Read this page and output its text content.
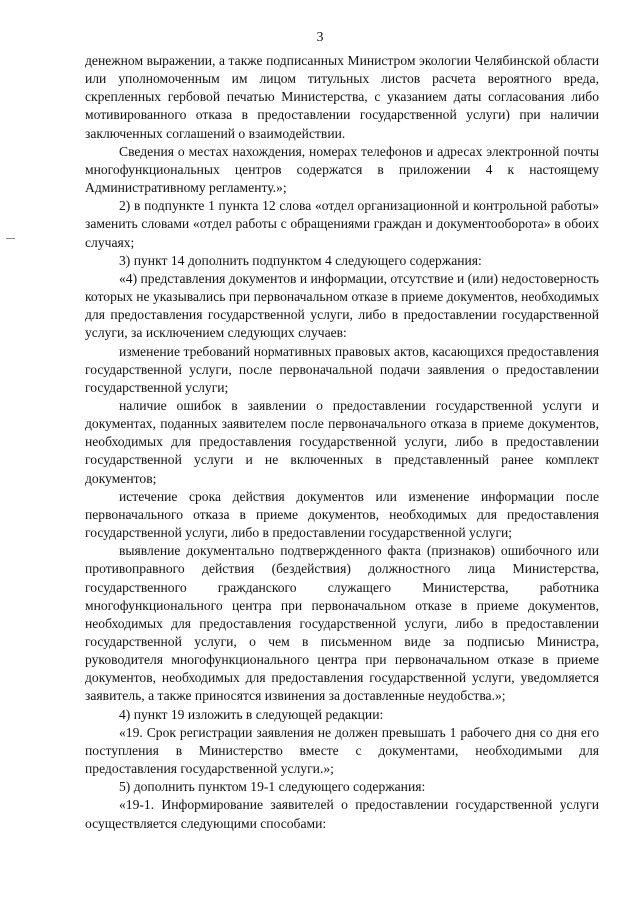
3

денежном выражении, а также подписанных Министром экологии Челябинской области или уполномоченным им лицом титульных листов расчета вероятного вреда, скрепленных гербовой печатью Министерства, с указанием даты согласования либо мотивированного отказа в предоставлении государственной услуги) при наличии заключенных соглашений о взаимодействии.

Сведения о местах нахождения, номерах телефонов и адресах электронной почты многофункциональных центров содержатся в приложении 4 к настоящему Административному регламенту.»;

2) в подпункте 1 пункта 12 слова «отдел организационной и контрольной работы» заменить словами «отдел работы с обращениями граждан и документооборота» в обоих случаях;

3) пункт 14 дополнить подпунктом 4 следующего содержания:

«4) представления документов и информации, отсутствие и (или) недостоверность которых не указывались при первоначальном отказе в приеме документов, необходимых для предоставления государственной услуги, либо в предоставлении государственной услуги, за исключением следующих случаев:

изменение требований нормативных правовых актов, касающихся предоставления государственной услуги, после первоначальной подачи заявления о предоставлении государственной услуги;

наличие ошибок в заявлении о предоставлении государственной услуги и документах, поданных заявителем после первоначального отказа в приеме документов, необходимых для предоставления государственной услуги, либо в предоставлении государственной услуги и не включенных в представленный ранее комплект документов;

истечение срока действия документов или изменение информации после первоначального отказа в приеме документов, необходимых для предоставления государственной услуги, либо в предоставлении государственной услуги;

выявление документально подтвержденного факта (признаков) ошибочного или противоправного действия (бездействия) должностного лица Министерства, государственного гражданского служащего Министерства, работника многофункционального центра при первоначальном отказе в приеме документов, необходимых для предоставления государственной услуги, либо в предоставлении государственной услуги, о чем в письменном виде за подписью Министра, руководителя многофункционального центра при первоначальном отказе в приеме документов, необходимых для предоставления государственной услуги, уведомляется заявитель, а также приносятся извинения за доставленные неудобства.»;

4) пункт 19 изложить в следующей редакции:

«19. Срок регистрации заявления не должен превышать 1 рабочего дня со дня его поступления в Министерство вместе с документами, необходимыми для предоставления государственной услуги.»;

5) дополнить пунктом 19-1 следующего содержания:

«19-1. Информирование заявителей о предоставлении государственной услуги осуществляется следующими способами:
